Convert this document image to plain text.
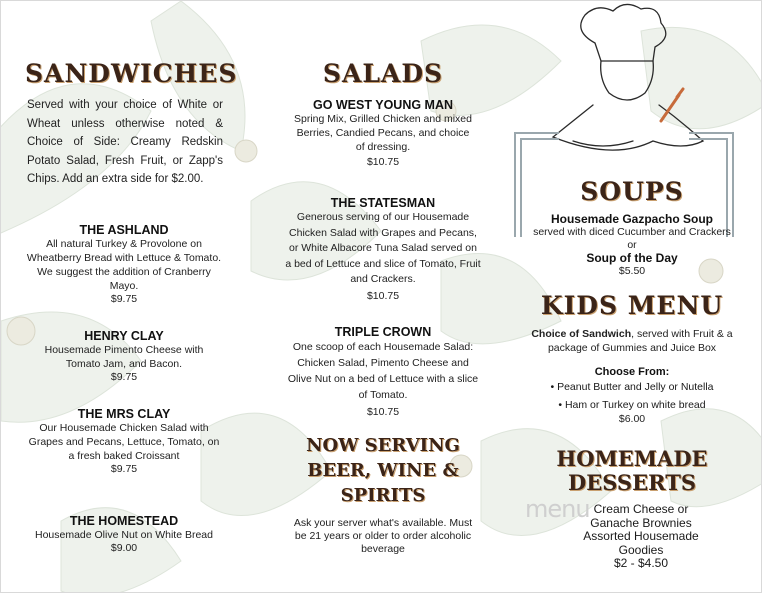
SANDWICHES
Served with your choice of White or Wheat unless otherwise noted & Choice of Side: Creamy Redskin Potato Salad, Fresh Fruit, or Zapp's Chips. Add an extra side for $2.00.
THE ASHLAND
All natural Turkey & Provolone on Wheatberry Bread with Lettuce & Tomato. We suggest the addition of Cranberry Mayo.
$9.75
HENRY CLAY
Housemade Pimento Cheese with Tomato Jam, and Bacon.
$9.75
THE MRS CLAY
Our Housemade Chicken Salad with Grapes and Pecans, Lettuce, Tomato, on a fresh baked Croissant
$9.75
THE HOMESTEAD
Housemade Olive Nut on White Bread
$9.00
SALADS
GO WEST YOUNG MAN
Spring Mix, Grilled Chicken and mixed Berries, Candied Pecans, and choice of dressing.
$10.75
THE STATESMAN
Generous serving of our Housemade Chicken Salad with Grapes and Pecans, or White Albacore Tuna Salad served on a bed of Lettuce and slice of Tomato, Fruit and Crackers.
$10.75
TRIPLE CROWN
One scoop of each Housemade Salad: Chicken Salad, Pimento Cheese and Olive Nut on a bed of Lettuce with a slice of Tomato.
$10.75
NOW SERVING
BEER, WINE &
SPIRITS
Ask your server what's available. Must be 21 years or older to order alcoholic beverage
SOUPS
Housemade Gazpacho Soup
served with diced Cucumber and Crackers
or
Soup of the Day
$5.50
KIDS MENU
Choice of Sandwich, served with Fruit & a package of Gummies and Juice Box
Choose From:
• Peanut Butter and Jelly or Nutella
• Ham or Turkey on white bread
$6.00
HOMEMADE
DESSERTS
menu Cream Cheese or
Ganache Brownies
Assorted Housemade
Goodies
$2 - $4.50
